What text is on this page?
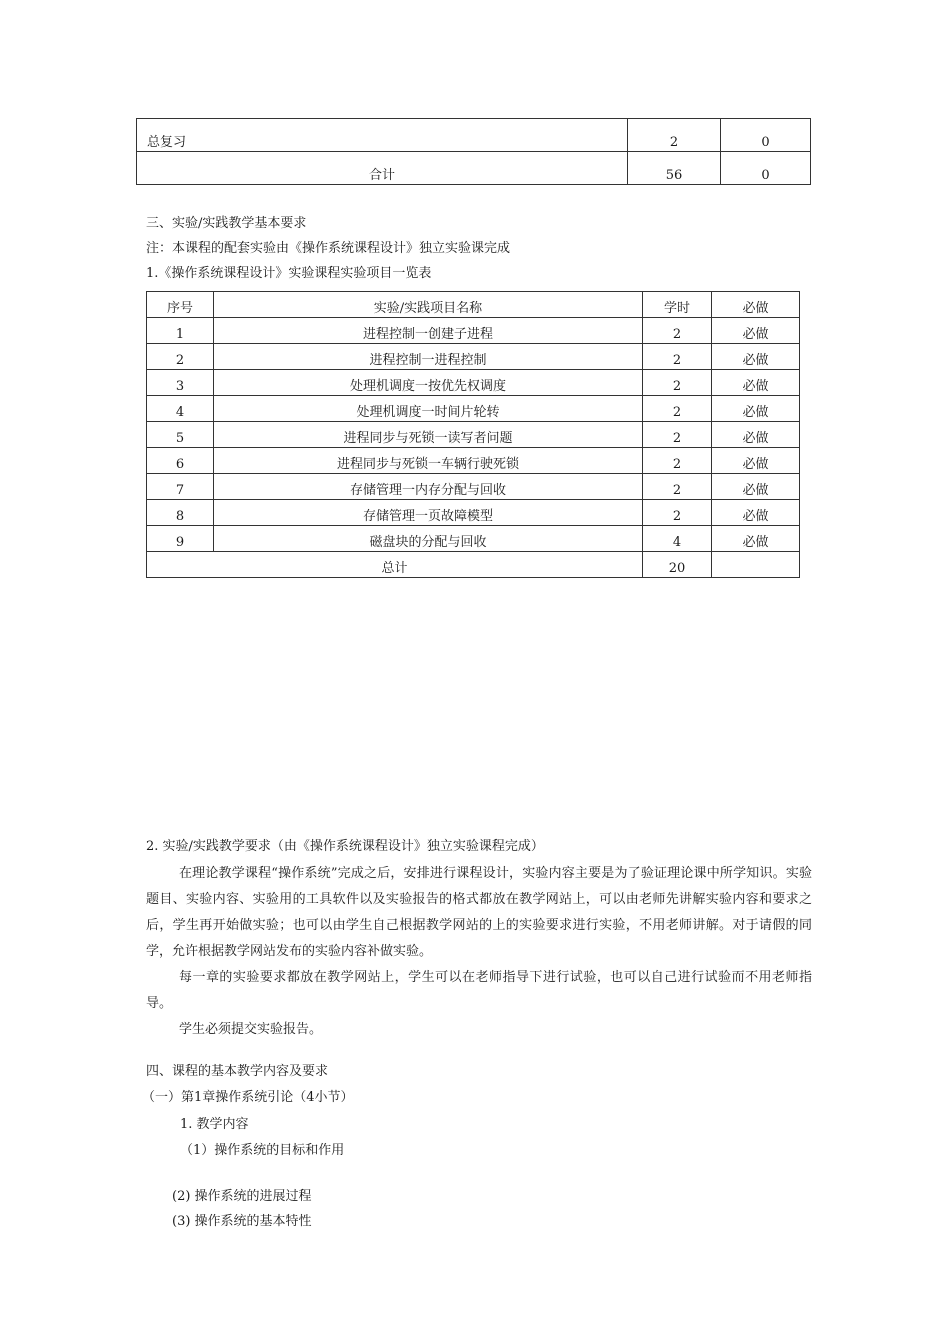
总复习	2	0
合计	56	0
三、实验/实践教学基本要求
注：本课程的配套实验由《操作系统课程设计》独立实验课完成
1.《操作系统课程设计》实验课程实验项目一览表
序号	实验/实践项目名称	学时	必做
1	进程控制一创建子进程	2	必做
2	进程控制一进程控制	2	必做
3	处理机调度一按优先权调度	2	必做
4	处理机调度一时间片轮转	2	必做
5	进程同步与死锁一读写者问题	2	必做
6	进程同步与死锁一车辆行驶死锁	2	必做
7	存储管理一内存分配与回收	2	必做
8	存储管理一页故障模型	2	必做
9	磁盘块的分配与回收	4	必做
总计		20	
2. 实验/实践教学要求（由《操作系统课程设计》独立实验课程完成）
在理论教学课程“操作系统”完成之后，安排进行课程设计，实验内容主要是为了验证理论课中所学知识。实验题目、实验内容、实验用的工具软件以及实验报告的格式都放在教学网站上，可以由老师先讲解实验内容和要求之后，学生再开始做实验；也可以由学生自己根据教学网站的上的实验要求进行实验，不用老师讲解。对于请假的同学，允许根据教学网站发布的实验内容补做实验。
每一章的实验要求都放在教学网站上，学生可以在老师指导下进行试验，也可以自己进行试验而不用老师指导。
学生必须提交实验报告。
四、课程的基本教学内容及要求
（一）第1章操作系统引论（4小节）
1. 教学内容
（1）操作系统的目标和作用
(2) 操作系统的进展过程
(3) 操作系统的基本特性
